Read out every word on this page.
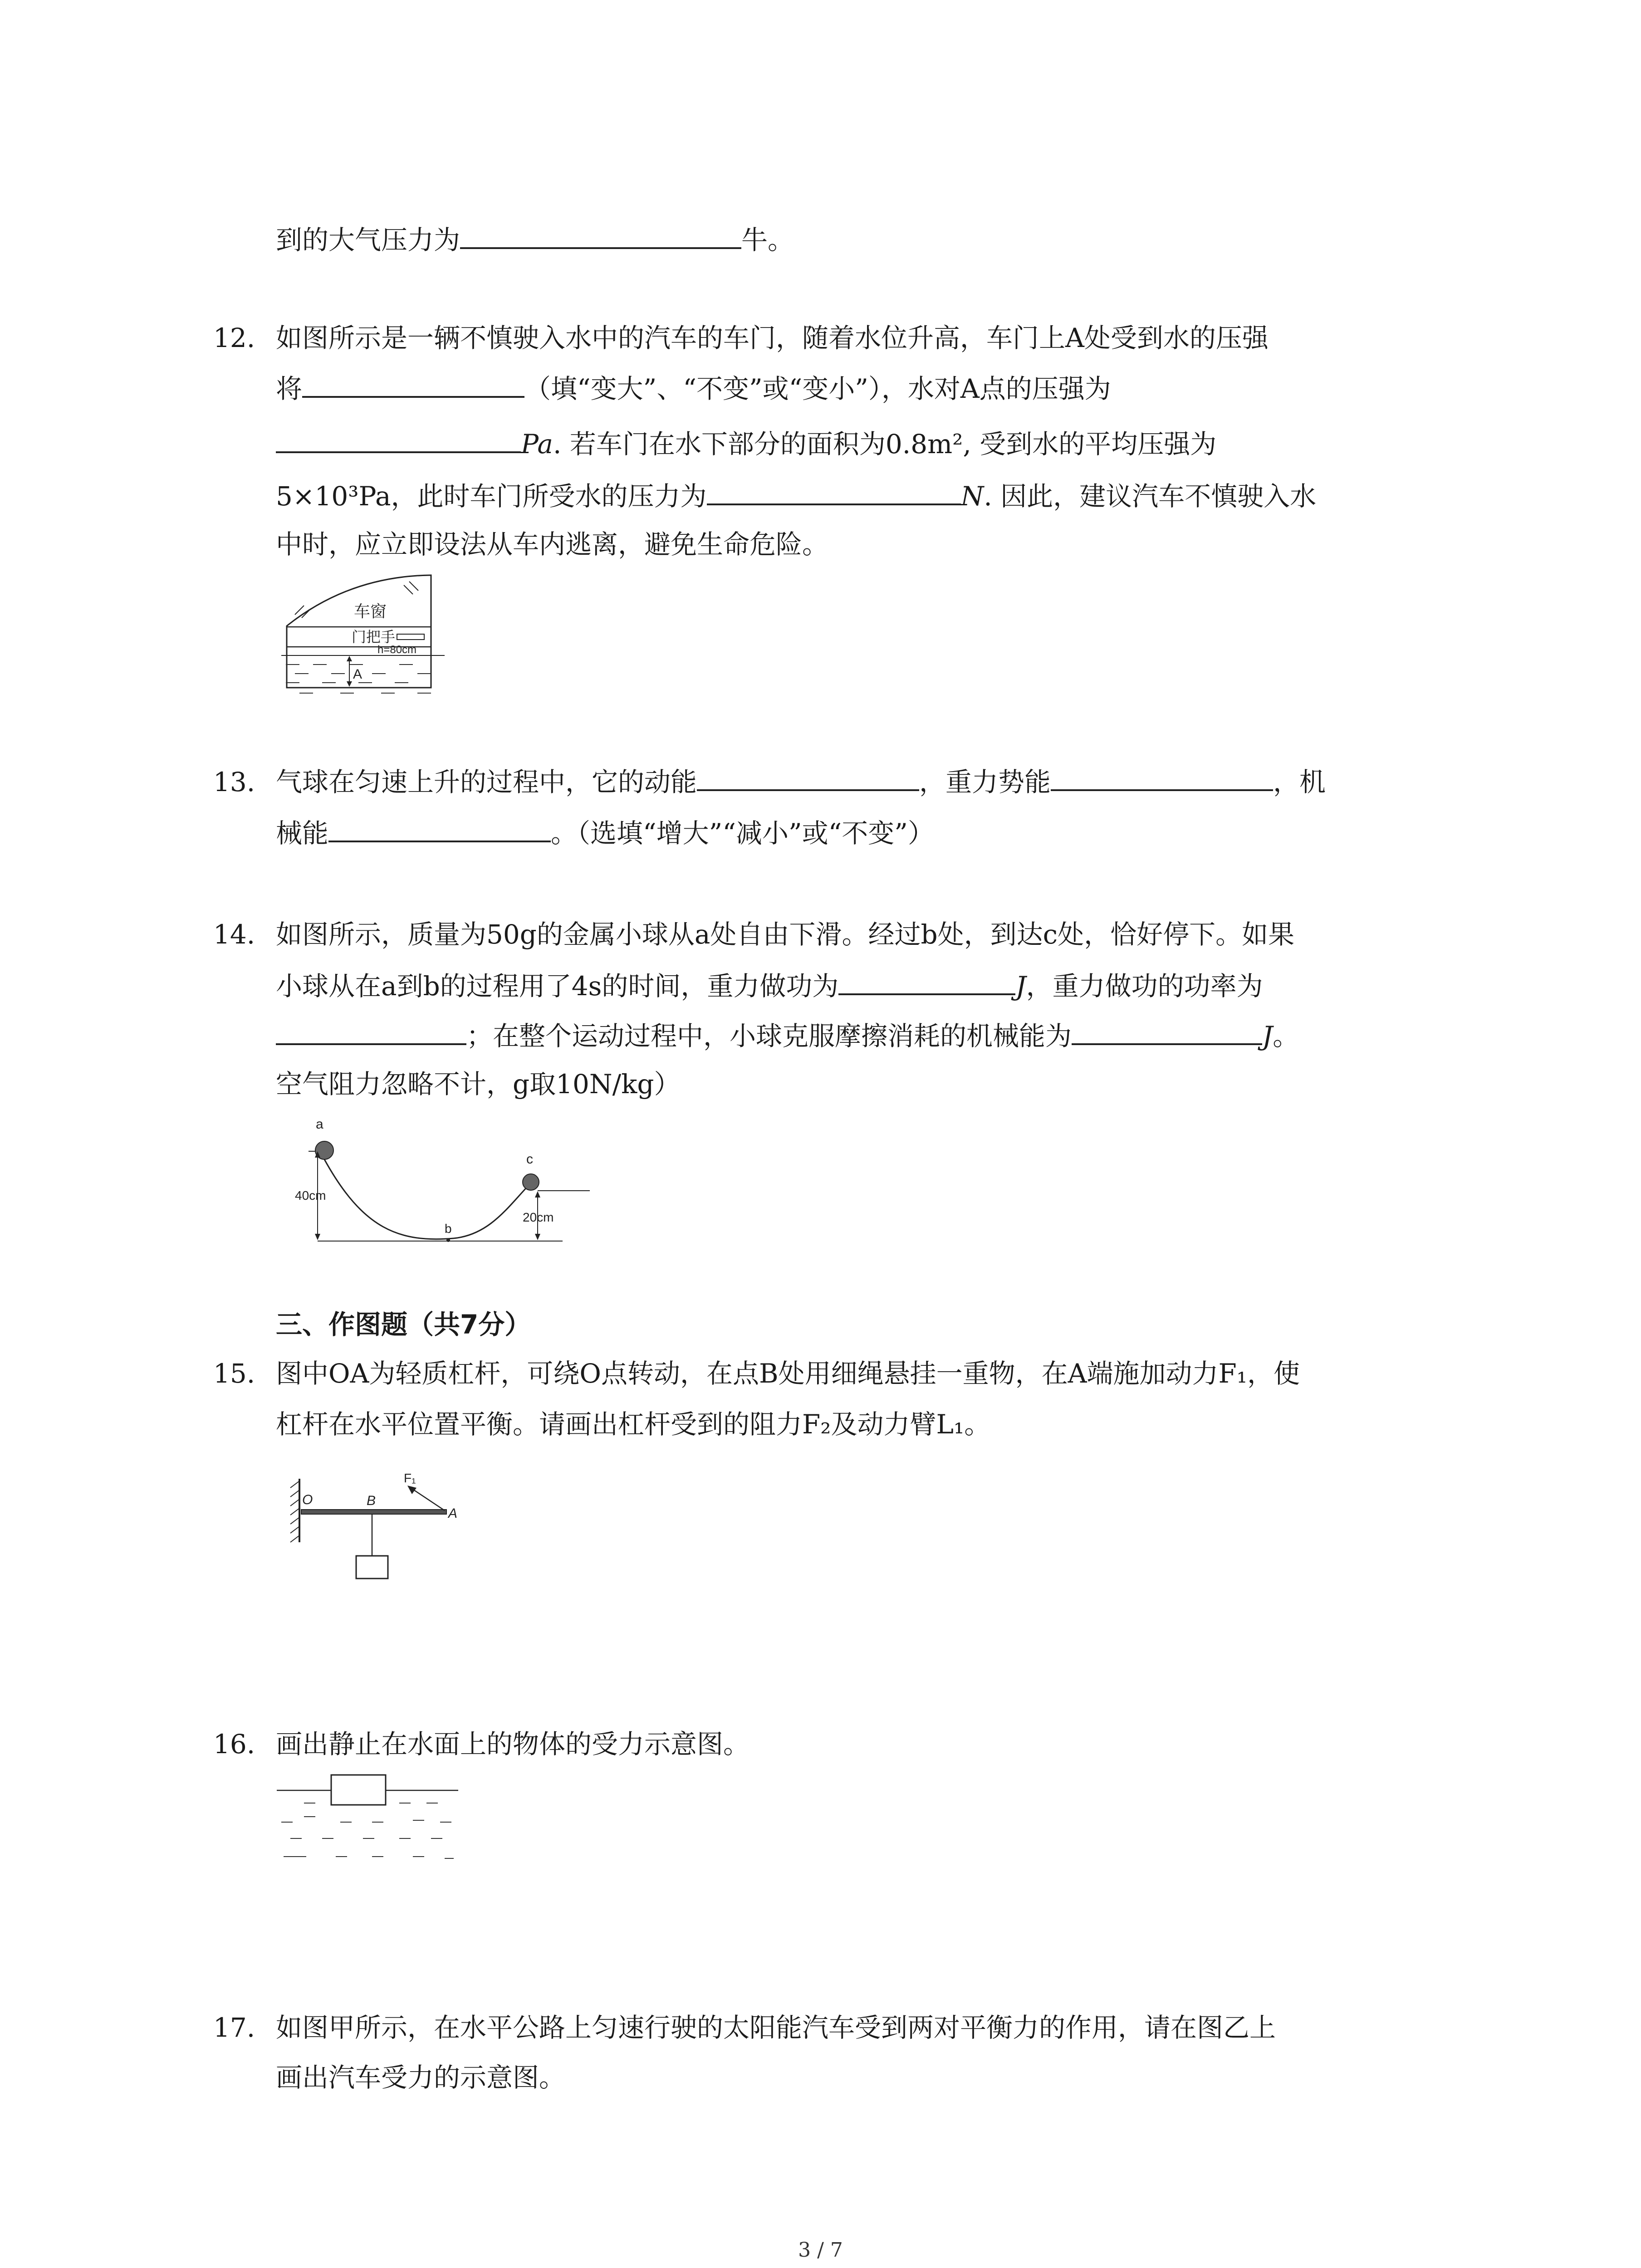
到的大气压力为	牛。
12. 如图所示是一辆不慎驶入水中的汽车的车门，随着水位升高，车门上A处受到水的压强
将	（填“变大”、“不变”或“变小”），水对A点的压强为
Pa. 若车门在水下部分的面积为0.8m², 受到水的平均压强为
5×10³Pa，此时车门所受水的压力为	N. 因此，建议汽车不慎驶入水
中时，应立即设法从车内逃离，避免生命危险。
车窗
门把手
A
h=80cm
13. 气球在匀速上升的过程中，它的动能	，重力势能	，机
械能	。（选填“增大”“减小”或“不变”）
14. 如图所示，质量为50g的金属小球从a处自由下滑。经过b处，到达c处，恰好停下。如果
小球从在a到b的过程用了4s的时间，重力做功为	J，重力做功的功率为
；在整个运动过程中，小球克服摩擦消耗的机械能为	J。
空气阻力忽略不计，g取10N/kg）
a
c
b
40cm
20cm
三、作图题（共7分）
15. 图中OA为轻质杠杆，可绕O点转动，在点B处用细绳悬挂一重物，在A端施加动力F₁，使
杠杆在水平位置平衡。请画出杠杆受到的阻力F₂及动力臂L₁。
O	B
A
F₁
16. 画出静止在水面上的物体的受力示意图。
17. 如图甲所示，在水平公路上匀速行驶的太阳能汽车受到两对平衡力的作用，请在图乙上
画出汽车受力的示意图。
3 / 7
